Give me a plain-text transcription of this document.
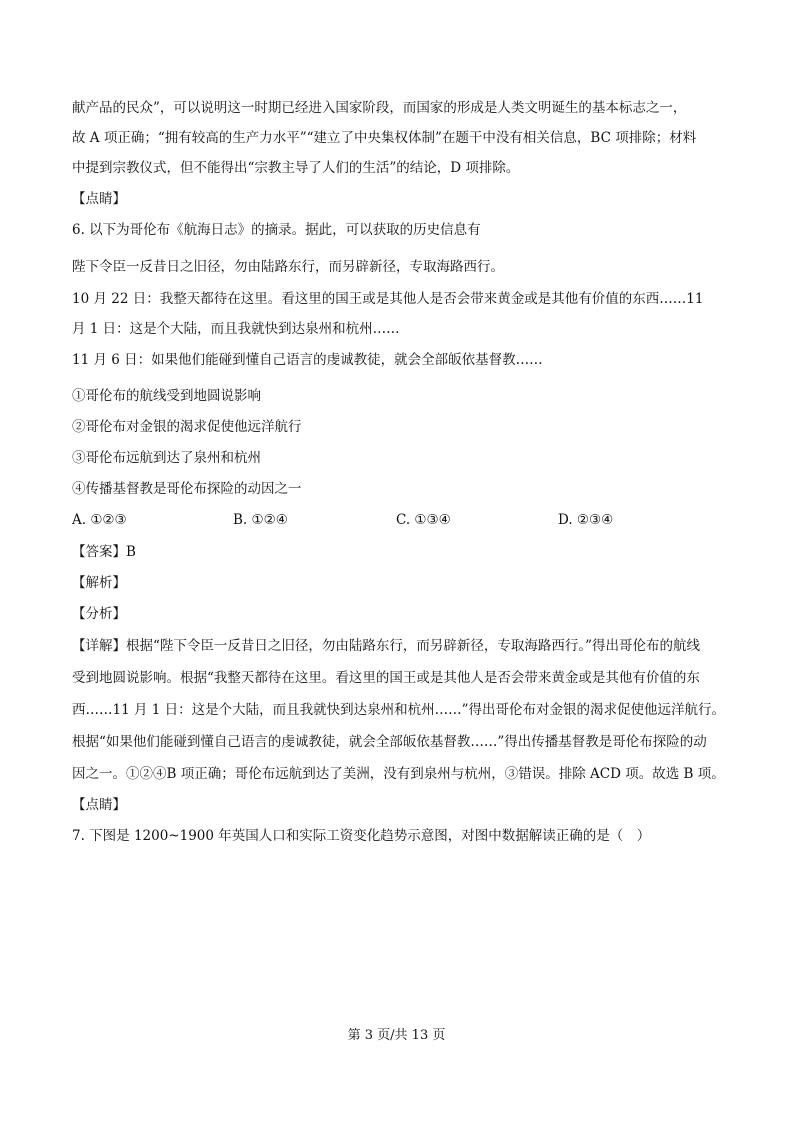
献产品的民众”，可以说明这一时期已经进入国家阶段，而国家的形成是人类文明诞生的基本标志之一，
故 A 项正确；“拥有较高的生产力水平”“建立了中央集权体制”在题干中没有相关信息，BC 项排除；材料
中提到宗教仪式，但不能得出“宗教主导了人们的生活”的结论，D 项排除。
【点睛】
6. 以下为哥伦布《航海日志》的摘录。据此，可以获取的历史信息有
陛下令臣一反昔日之旧径，勿由陆路东行，而另辟新径，专取海路西行。
10 月 22 日：我整天都待在这里。看这里的国王或是其他人是否会带来黄金或是其他有价值的东西……11
月 1 日：这是个大陆，而且我就快到达泉州和杭州……
11 月 6 日：如果他们能碰到懂自己语言的虔诚教徒，就会全部皈依基督教……
①哥伦布的航线受到地圆说影响
②哥伦布对金银的渴求促使他远洋航行
③哥伦布远航到达了泉州和杭州
④传播基督教是哥伦布探险的动因之一
A. ①②③	B. ①②④	C. ①③④	D. ②③④
【答案】B
【解析】
【分析】
【详解】根据“陛下令臣一反昔日之旧径，勿由陆路东行，而另辟新径，专取海路西行。”得出哥伦布的航线
受到地圆说影响。根据“我整天都待在这里。看这里的国王或是其他人是否会带来黄金或是其他有价值的东
西……11 月 1 日：这是个大陆，而且我就快到达泉州和杭州……”得出哥伦布对金银的渴求促使他远洋航行。
根据“如果他们能碰到懂自己语言的虔诚教徒，就会全部皈依基督教……”得出传播基督教是哥伦布探险的动
因之一。①②④B 项正确；哥伦布远航到达了美洲，没有到泉州与杭州，③错误。排除 ACD 项。故选 B 项。
【点睛】
7. 下图是 1200~1900 年英国人口和实际工资变化趋势示意图，对图中数据解读正确的是（　）
第 3 页/共 13 页
